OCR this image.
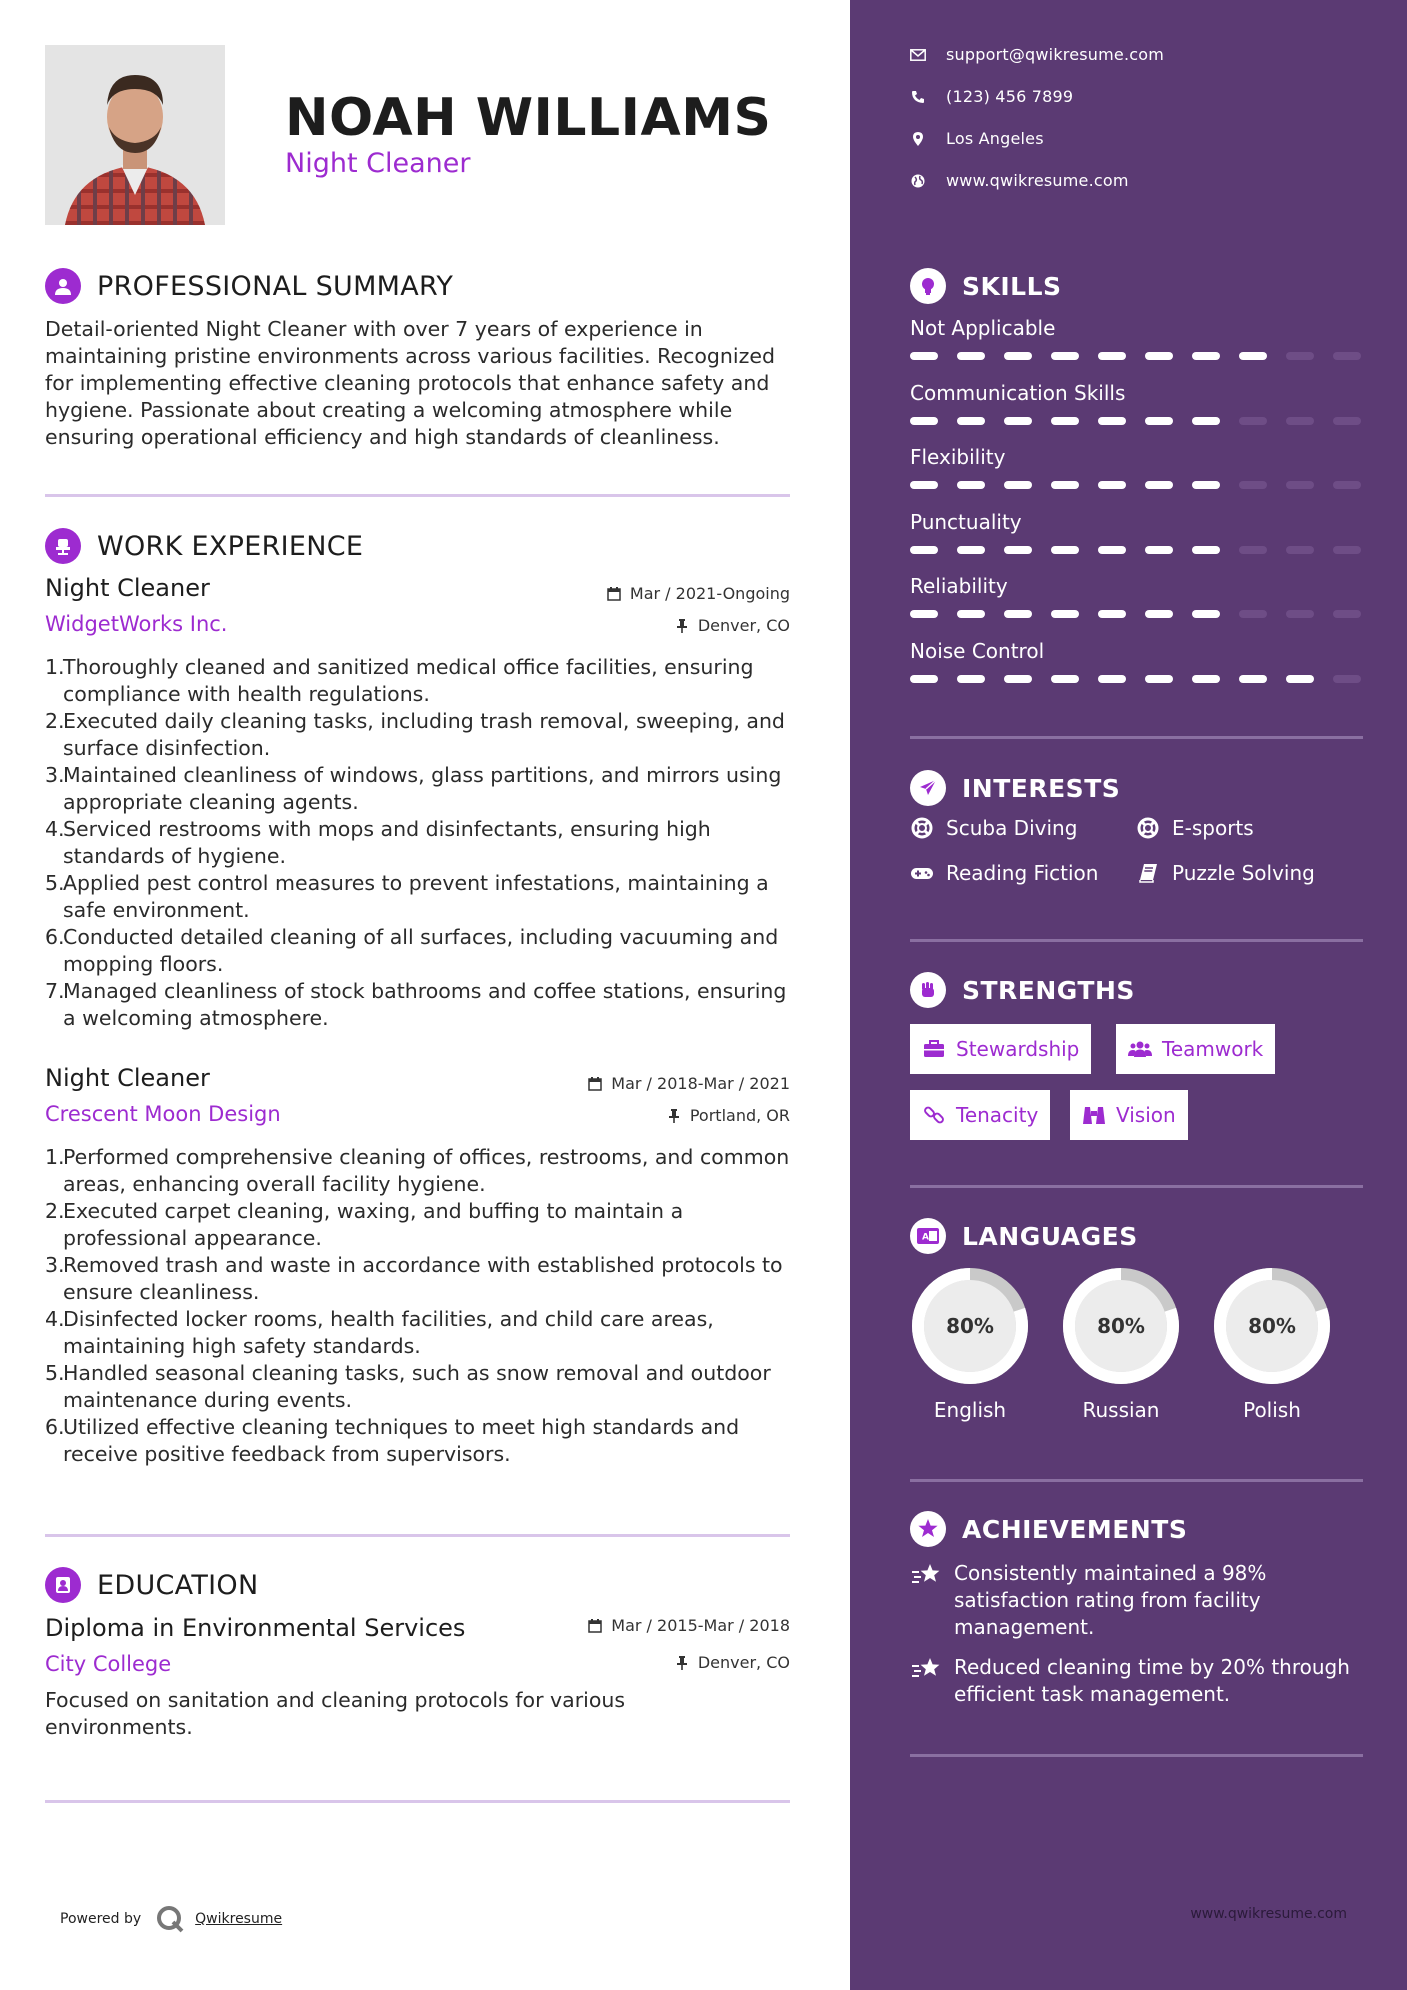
NOAH WILLIAMS
Night Cleaner
PROFESSIONAL SUMMARY

Detail-oriented Night Cleaner with over 7 years of experience in maintaining pristine environments across various facilities. Recognized for implementing effective cleaning protocols that enhance safety and hygiene. Passionate about creating a welcoming atmosphere while ensuring operational efficiency and high standards of cleanliness.

WORK EXPERIENCE
Night Cleaner	Mar / 2021-Ongoing
WidgetWorks Inc.	Denver, CO
1.
Thoroughly cleaned and sanitized medical office facilities, ensuring compliance with health regulations.
2.
Executed daily cleaning tasks, including trash removal, sweeping, and surface disinfection.
3.
Maintained cleanliness of windows, glass partitions, and mirrors using appropriate cleaning agents.
4.
Serviced restrooms with mops and disinfectants, ensuring high standards of hygiene.
5.
Applied pest control measures to prevent infestations, maintaining a safe environment.
6.
Conducted detailed cleaning of all surfaces, including vacuuming and mopping floors.
7.
Managed cleanliness of stock bathrooms and coffee stations, ensuring a welcoming atmosphere.
Night Cleaner	Mar / 2018-Mar / 2021
Crescent Moon Design	Portland, OR
1.
Performed comprehensive cleaning of offices, restrooms, and common areas, enhancing overall facility hygiene.
2.
Executed carpet cleaning, waxing, and buffing to maintain a professional appearance.
3.
Removed trash and waste in accordance with established protocols to ensure cleanliness.
4.
Disinfected locker rooms, health facilities, and child care areas, maintaining high safety standards.
5.
Handled seasonal cleaning tasks, such as snow removal and outdoor maintenance during events.
6.
Utilized effective cleaning techniques to meet high standards and receive positive feedback from supervisors.
EDUCATION
Diploma in Environmental Services	Mar / 2015-Mar / 2018
City College	Denver, CO

Focused on sanitation and cleaning protocols for various environments.

Powered by	Qwikresume
support@qwikresume.com
(123) 456 7899
Los Angeles
www.qwikresume.com
SKILLS
Not Applicable
Communication Skills
Flexibility
Punctuality
Reliability
Noise Control
INTERESTS
Scuba Diving	E-sports
Reading Fiction	Puzzle Solving
STRENGTHS
Stewardship	Teamwork
Tenacity	Vision
A LANGUAGES
80%
English
80%
Russian
80%
Polish
ACHIEVEMENTS

Consistently maintained a 98% satisfaction rating from facility management.

Reduced cleaning time by 20% through efficient task management.

www.qwikresume.com
